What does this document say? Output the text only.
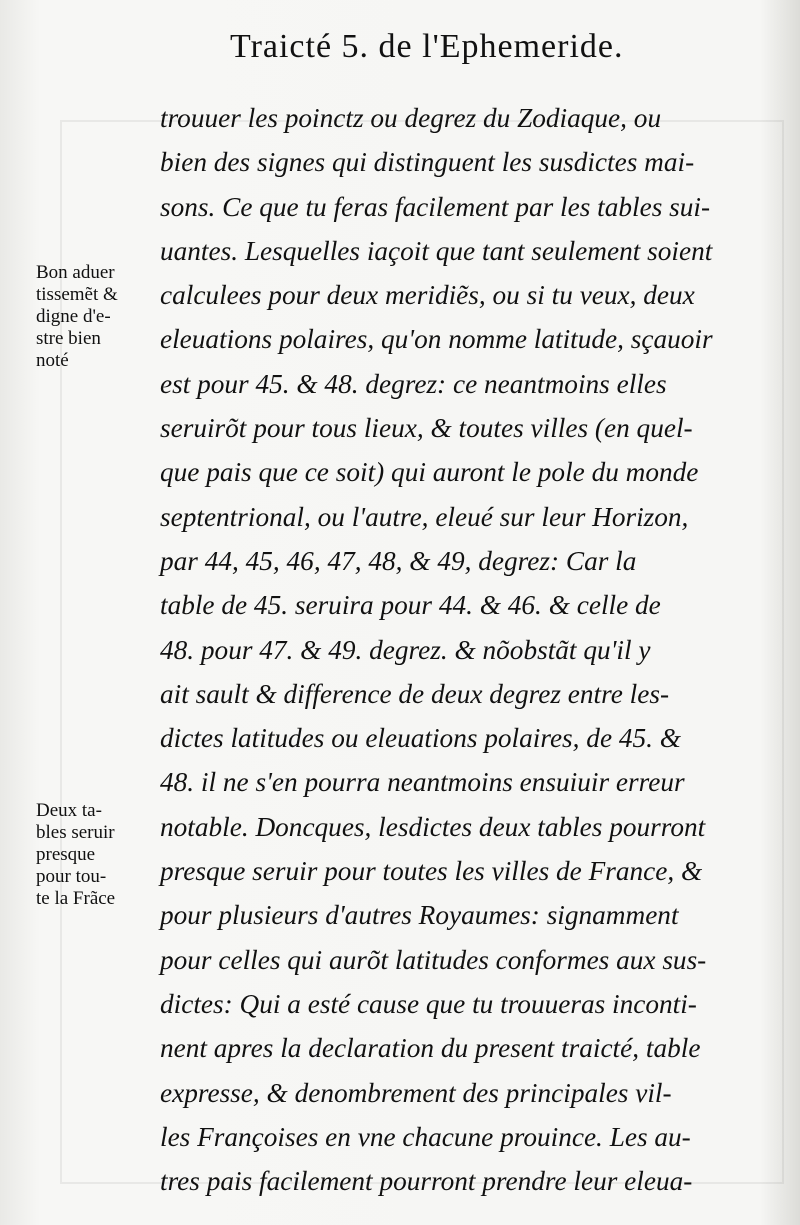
Traicté 5. de l'Ephemeride.
trouuer les poinctz ou degrez du Zodiaque, ou
bien des signes qui distinguent les susdictes mai-
sons. Ce que tu feras facilement par les tables sui-
uantes. Lesquelles iaçoit que tant seulement soient
calculees pour deux meridiẽs, ou si tu veux, deux
eleuations polaires, qu'on nomme latitude, sçauoir
est pour 45. & 48. degrez: ce neantmoins elles
seruirõt pour tous lieux, & toutes villes (en quel-
que pais que ce soit) qui auront le pole du monde
septentrional, ou l'autre, eleué sur leur Horizon,
par 44, 45, 46, 47, 48, & 49, degrez: Car la
table de 45. seruira pour 44. & 46. & celle de
48. pour 47. & 49. degrez. & nõobstãt qu'il y
ait sault & difference de deux degrez entre les-
dictes latitudes ou eleuations polaires, de 45. &
48. il ne s'en pourra neantmoins ensuiuir erreur
notable. Doncques, lesdictes deux tables pourront
presque seruir pour toutes les villes de France, &
pour plusieurs d'autres Royaumes: signamment
pour celles qui aurõt latitudes conformes aux sus-
dictes: Qui a esté cause que tu trouueras inconti-
nent apres la declaration du present traicté, table
expresse, & denombrement des principales vil-
les Françoises en vne chacune prouince. Les au-
tres pais facilement pourront prendre leur eleua-
Bon aduer
tissemẽt &
digne d'e-
stre bien
noté
Deux ta-
bles seruir
presque
pour tou-
te la Frãce
